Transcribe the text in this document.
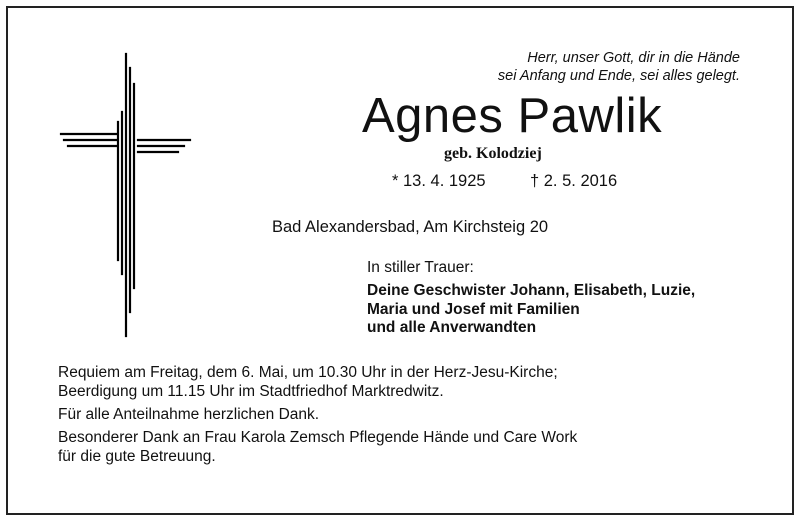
Herr, unser Gott, dir in die Hände
sei Anfang und Ende, sei alles gelegt.
Agnes Pawlik
geb. Kolodziej
* 13. 4. 1925	† 2. 5. 2016
Bad Alexandersbad, Am Kirchsteig 20
In stiller Trauer:
Deine Geschwister Johann, Elisabeth, Luzie,
Maria und Josef mit Familien
und alle Anverwandten
Requiem am Freitag, dem 6. Mai, um 10.30 Uhr in der Herz-Jesu-Kirche;
Beerdigung um 11.15 Uhr im Stadtfriedhof Marktredwitz.
Für alle Anteilnahme herzlichen Dank.
Besonderer Dank an Frau Karola Zemsch Pflegende Hände und Care Work
für die gute Betreuung.
